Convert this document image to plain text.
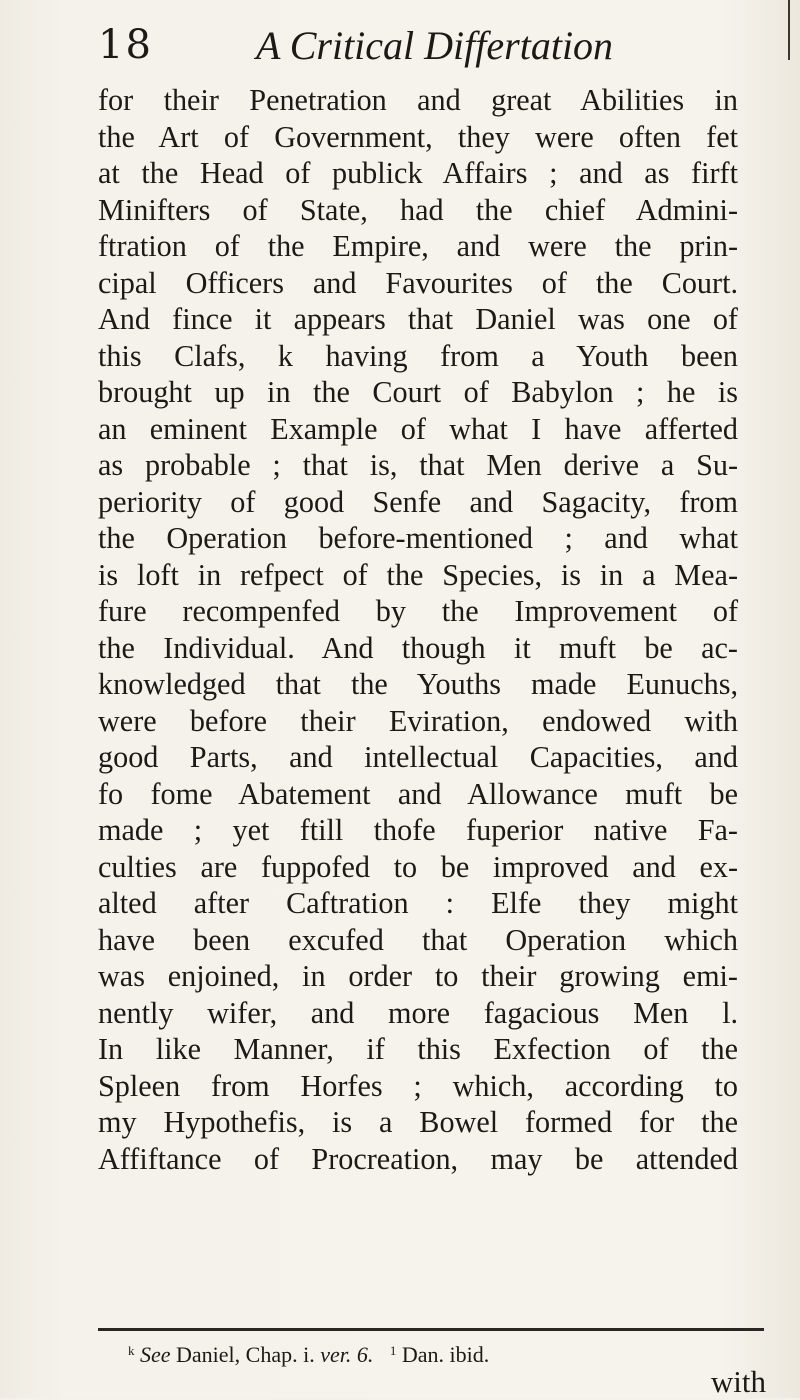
18	A Critical Differtation
for their Penetration and great Abilities in
the Art of Government, they were often fet
at the Head of publick Affairs ; and as firft
Minifters of State, had the chief Admini-
ftration of the Empire, and were the prin-
cipal Officers and Favourites of the Court.
And fince it appears that Daniel was one of
this Clafs, k having from a Youth been
brought up in the Court of Babylon ; he is
an eminent Example of what I have afferted
as probable ; that is, that Men derive a Su-
periority of good Senfe and Sagacity, from
the Operation before-mentioned ; and what
is loft in refpect of the Species, is in a Mea-
fure recompenfed by the Improvement of
the Individual. And though it muft be ac-
knowledged that the Youths made Eunuchs,
were before their Eviration, endowed with
good Parts, and intellectual Capacities, and
fo fome Abatement and Allowance muft be
made ; yet ftill thofe fuperior native Fa-
culties are fuppofed to be improved and ex-
alted after Caftration : Elfe they might
have been excufed that Operation which
was enjoined, in order to their growing emi-
nently wifer, and more fagacious Men l.
In like Manner, if this Exfection of the
Spleen from Horfes ; which, according to
my Hypothefis, is a Bowel formed for the
Affiftance of Procreation, may be attended
$^k$ See Daniel, Chap. i. ver. 6. $^1$ Dan. ibid.
with
